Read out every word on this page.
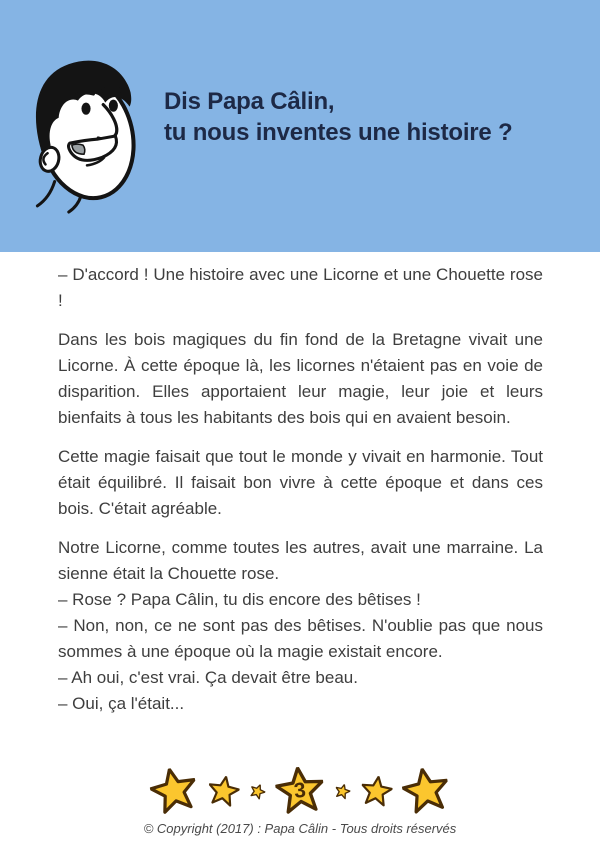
Dis Papa Câlin,
tu nous inventes une histoire ?

– D'accord ! Une histoire avec une Licorne et une Chouette rose !

Dans les bois magiques du fin fond de la Bretagne vivait une Licorne. À cette époque là, les licornes n'étaient pas en voie de disparition. Elles apportaient leur magie, leur joie et leurs bienfaits à tous les habitants des bois qui en avaient besoin.

Cette magie faisait que tout le monde y vivait en harmonie. Tout était équilibré. Il faisait bon vivre à cette époque et dans ces bois. C'était agréable.

Notre Licorne, comme toutes les autres, avait une marraine. La sienne était la Chouette rose.

– Rose ? Papa Câlin, tu dis encore des bêtises !

– Non, non, ce ne sont pas des bêtises. N'oublie pas que nous sommes à une époque où la magie existait encore.

– Ah oui, c'est vrai. Ça devait être beau.

– Oui, ça l'était...

3
© Copyright (2017) : Papa Câlin - Tous droits réservés
